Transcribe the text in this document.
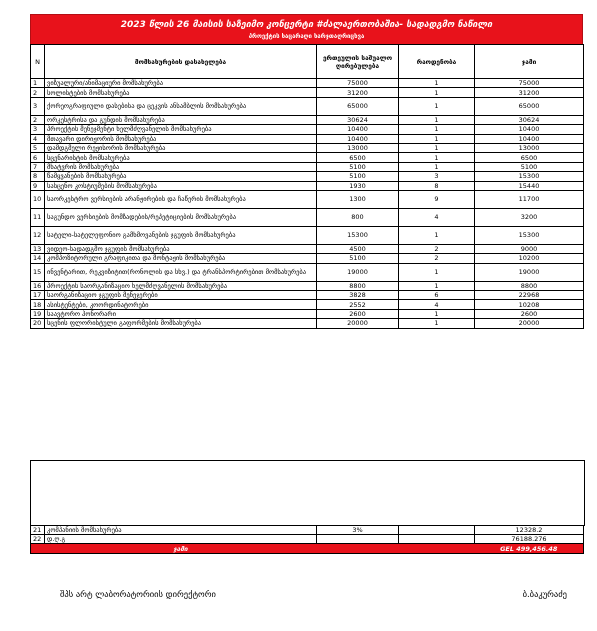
2023 წლის 26 მაისის საზეიმო კონცერტი #ძალაერთობაშია- სადადგმო ნაწილი
პროექტის ხაცარაღი ხარჯთაღრიცხვა
N	მომსახურების დასახელება	ერთეულის საშუალო ღირებულება	რაოდენობა	ჯამი
1	ვიზუალური/ანიმაციური მომსახურება	75000	1	75000
2	სოლისტების მომსახურება	31200	1	31200
3	ქორეოგრაფიული დასებისა და ცეკვის ანსამბლის მომსახურება	65000	1	65000
2	ორკესტრისა და გუნდის მომსახურება	30624	1	30624
3	პროექტის მენეჯმენტი ხელმძღვანელის მომსახურება	10400	1	10400
4	მთავარი დირიჟორის მომსახურება	10400	1	10400
5	დამდგმელი რეჟისორის მომსახურება	13000	1	13000
6	სცენარისტის მომსახურება	6500	1	6500
7	მხატვრის მომსახურება	5100	1	5100
8	წამყვანების მომსახურება	5100	3	15300
9	სასცენო კოსტიუმების მომსახურება	1930	8	15440
10	საორკესტრო ვერსიების არანჟირების და ჩაწერის მომსახურება	1300	9	11700
11	საგუნდო ვერსიების მომზადების/რეპეტიციების მომსახურება	800	4	3200
12	სატელი-სატელეფონიო გამხმოვანების ჯგუფის მომსახურება	15300	1	15300
13	ვიდეო-სადადგმო ჯგუფის მომსახურება	4500	2	9000
14	კომპოზიტორული გრაფიკითა და მონტაჟის მომსახურება	5100	2	10200
15	ინვენტარით, რეკვიზიტით(რონოლის და სხვ.) და ტრანსპორტირებით მომსახურება	19000	1	19000
16	პროექტის საორგანიზაციო ხელმძღვანელის მომსახურება	8800	1	8800
17	საორგანიზაციო ჯგუფის მენეჯერები	3828	6	22968
18	ასისტენტები, კოორდინატორები	2552	4	10208
19	საავტორო ჰონორარი	2600	1	2600
20	სცენის ფლორისტული გაფორმების მომსახურება	20000	1	20000
21	კომპანიის მომსახურება	3%		12328.2
22	დ.ღ.გ			76188.276
	ჯამი			GEL 499,456.48
შპს არტ ლაბორატორიის დირექტორი	ბ.ბაკურაძე
